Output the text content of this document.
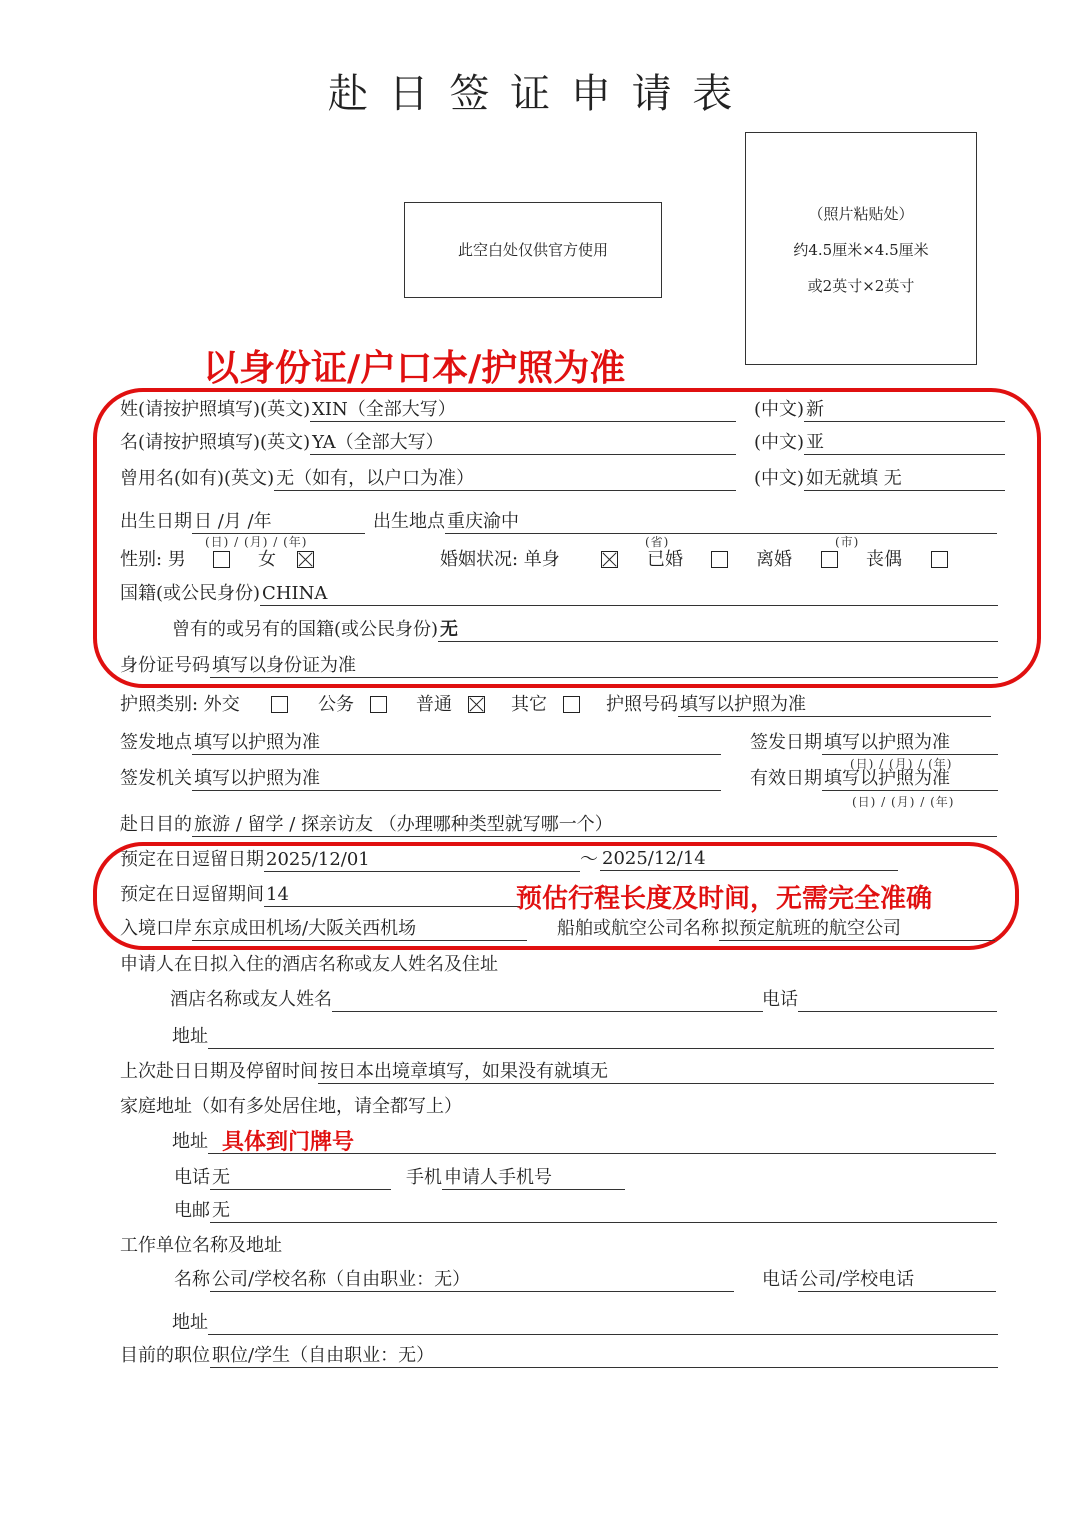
赴 日 签 证 申 请 表
此空白处仅供官方使用
（照片粘贴处）
约4.5厘米×4.5厘米
或2英寸×2英寸
以身份证/户口本/护照为准
姓(请按护照填写)(英文) XIN（全部大写）	(中文) 新
名(请按护照填写)(英文) YA（全部大写）	(中文) 亚
曾用名(如有)(英文) 无（如有，以户口为准）	(中文) 如无就填 无
出生日期 日 /月 /年
(日) / (月) / (年)
出生地点 重庆渝中
(省)	(市)
性别: 男	女	婚姻状况: 单身	已婚	离婚	丧偶
国籍(或公民身份) CHINA
曾有的或另有的国籍(或公民身份) 无
身份证号码 填写以身份证为准
护照类别: 外交	公务	普通	其它	护照号码 填写以护照为准
签发地点 填写以护照为准	签发日期 填写以护照为准
(日) / (月) / (年)
签发机关 填写以护照为准	有效日期 填写以护照为准
(日) / (月) / (年)
赴日目的 旅游 / 留学 / 探亲访友 （办理哪种类型就写哪一个）
预定在日逗留日期 2025/12/01	～ 2025/12/14
预定在日逗留期间 14	预估行程长度及时间，无需完全准确
入境口岸 东京成田机场/大阪关西机场	船舶或航空公司名称 拟预定航班的航空公司
申请人在日拟入住的酒店名称或友人姓名及住址
酒店名称或友人姓名	电话
地址
上次赴日日期及停留时间 按日本出境章填写，如果没有就填无
家庭地址（如有多处居住地，请全都写上）
地址 具体到门牌号
电话 无	手机 申请人手机号
电邮 无
工作单位名称及地址
名称 公司/学校名称（自由职业：无）	电话 公司/学校电话
地址
目前的职位 职位/学生（自由职业：无）
